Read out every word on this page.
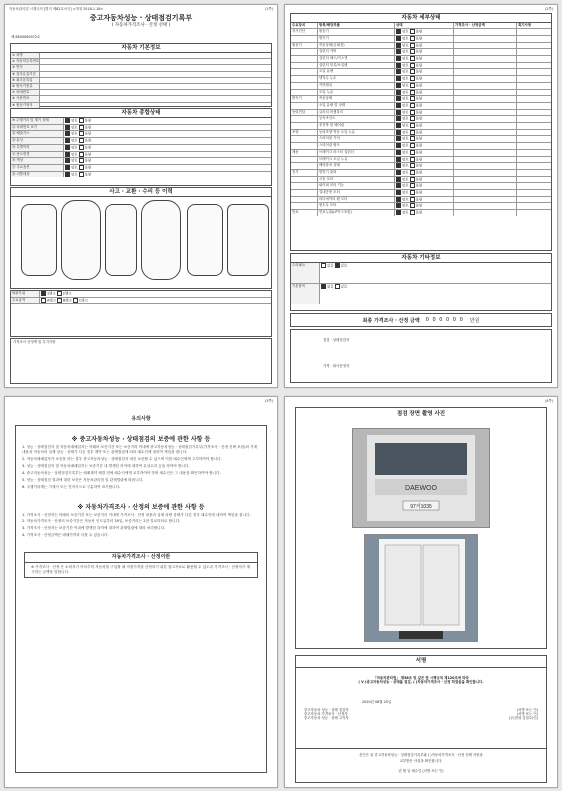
자동차관리법 시행규칙 [별지 제82호서식] <개정 2018.1.18>	(1쪽)
중고자동차성능 · 상태점검기록부
( 자동차가격조사 · 산정 선택 )
제 8400000972호
자동차 기본정보
① 차명
② 자동차등록번호
③ 연식
④ 검사유효기간
⑤ 최초등록일
⑥ 변속기종류
⑦ 차대번호
⑧ 사용연료
⑨ 원동기형식
자동차 종합상태
⑩ 주행거리 및 계기 상태	양호 불량
⑪ 차대번호 표기	양호 불량
⑫ 배출가스	양호 불량
⑬ 튜닝	양호 불량
⑭ 특별이력	양호 불량
⑮ 용도변경	양호 불량
⑯ 색상	양호 불량
⑰ 주요옵션	양호 불량
⑱ 리콜대상	양호 불량
사고 · 교환 · 수리 등 이력
외판부위	1랭크 2랭크
주요골격	A랭크 B랭크 C랭크
가격조사 산정액 및 특기사항
(2쪽)
자동차 세부상태
주요장치	항목/해당부품	상태	가격조사 · 산정금액	특기사항
자기진단	원동기	양호 불량
변속기	양호 불량
원동기	작동상태(공회전)	양호 불량
실린더 커버	양호 불량
실린더 헤드/가스켓	양호 불량
실린더 블록/오일팬	양호 불량
오일 유량	양호 불량
냉각수 누수	양호 불량
커먼레일	양호 불량
오일 누유	양호 불량
변속기	작동상태	양호 불량
오일 유량 및 상태	양호 불량
동력전달	클러치 어셈블리	양호 불량
등속조인트	양호 불량
추진축 및 베어링	양호 불량
조향	동력조향 작동 오일 누유	양호 불량
스티어링 기어	양호 불량
스티어링 펌프	양호 불량
제동	브레이크 마스터 실린더	양호 불량
브레이크 오일 누유	양호 불량
배력장치 상태	양호 불량
전기	발전기 출력	양호 불량
시동 모터	양호 불량
와이퍼 모터 기능	양호 불량
실내송풍 모터	양호 불량
라디에이터 팬 모터	양호 불량
윈도우 모터	양호 불량
연료	연료누출(LP가스포함)	양호 불량
자동차 기타정보
수리필요	없음 있음
기본품목	없음 있음
최종 가격조사 · 산정 금액 0 0 0 0 0 0 만원
점검 · 상태점검자
가격 · 회사산정자
(3쪽)
유의사항
※ 중고자동차성능 · 상태점검의 보증에 관한 사항 등

1. 성능 · 상태점검자 및 자동차매매업자는 아래의 보증기간 또는 보증거리 이내에 중고자동차성능 · 상태점검기록부(가격조사 · 산정 선택 포함)의 기재내용과 자동차의 실제 성능 · 상태가 다른 경우 계약 또는 관계법령에 따라 매수인에 대하여 책임을 집니다.

2. 자동차매매업자가 보증을 하는 경우 중고자동차성능 · 상태점검자 대신 보증할 수 있으며 이를 매수인에게 고지하여야 합니다.

3. 성능 · 상태점검자 및 자동차매매업자는 보증기간 내 발생한 하자에 대하여 무상수리 등을 하여야 합니다.

4. 중고자동차성능 · 상태점검기록부는 매매계약 체결 전에 매수인에게 교부하여야 하며 매수인은 그 내용을 확인하여야 합니다.

5. 성능 · 상태점검 결과에 대한 보증은 자동차관리법 및 관계법령에 따릅니다.

6. 주행거리계는 기계식 또는 전자식으로 구분하여 표기합니다.

※ 자동차가격조사 · 산정의 보증에 관한 사항 등

1. 가격조사 · 산정자는 아래의 보증기간 또는 보증거리 이내에 가격조사 · 산정 내용과 실제 차량 상태가 다른 경우 매수인에 대하여 책임을 집니다.

2. 자동차가격조사 · 산정의 보증기간은 자동차 인도일부터 30일, 보증거리는 2천 킬로미터로 합니다.

3. 가격조사 · 산정자는 보증기간 이내에 발생한 하자에 대하여 관계법령에 따라 처리합니다.

4. 가격조사 · 산정금액은 매매가격과 다를 수 있습니다.

자동차가격조사 · 산정이란
※ 가격조사 · 산정 은 소비자가 아마추어 자동차를 구입할 때 적정가격을 산정하기 위한 참고자료로 활용할 수 있도록 가격조사 · 산정자가 제시하는 금액을 말합니다.
(4쪽)
점검 장면 촬영 사진
DAEWOO
97거1035
서명
「자동차관리법」 제58조 및 같은 법 시행규칙 제120조에 따라
( V )중고자동차성능 · 상태를 점검, ( )자동차가격조사 · 산정 하였음을 확인합니다.
2020년 08월 25일
중고자동차 성능 · 상태 점검자	(서명 또는 인)
중고자동차 가격조사 · 산정자	(서명 또는 인)
중고자동차 성능 · 상태 고지자	(주)현대 김철수(인)
본인은 위 중고자동차성능 · 상태점검기록부와 ( )자동차가격조사 · 산정 선택 사항을
교부받은 사실을 확인합니다.
년 월 일 매수인 (서명 또는 인)
